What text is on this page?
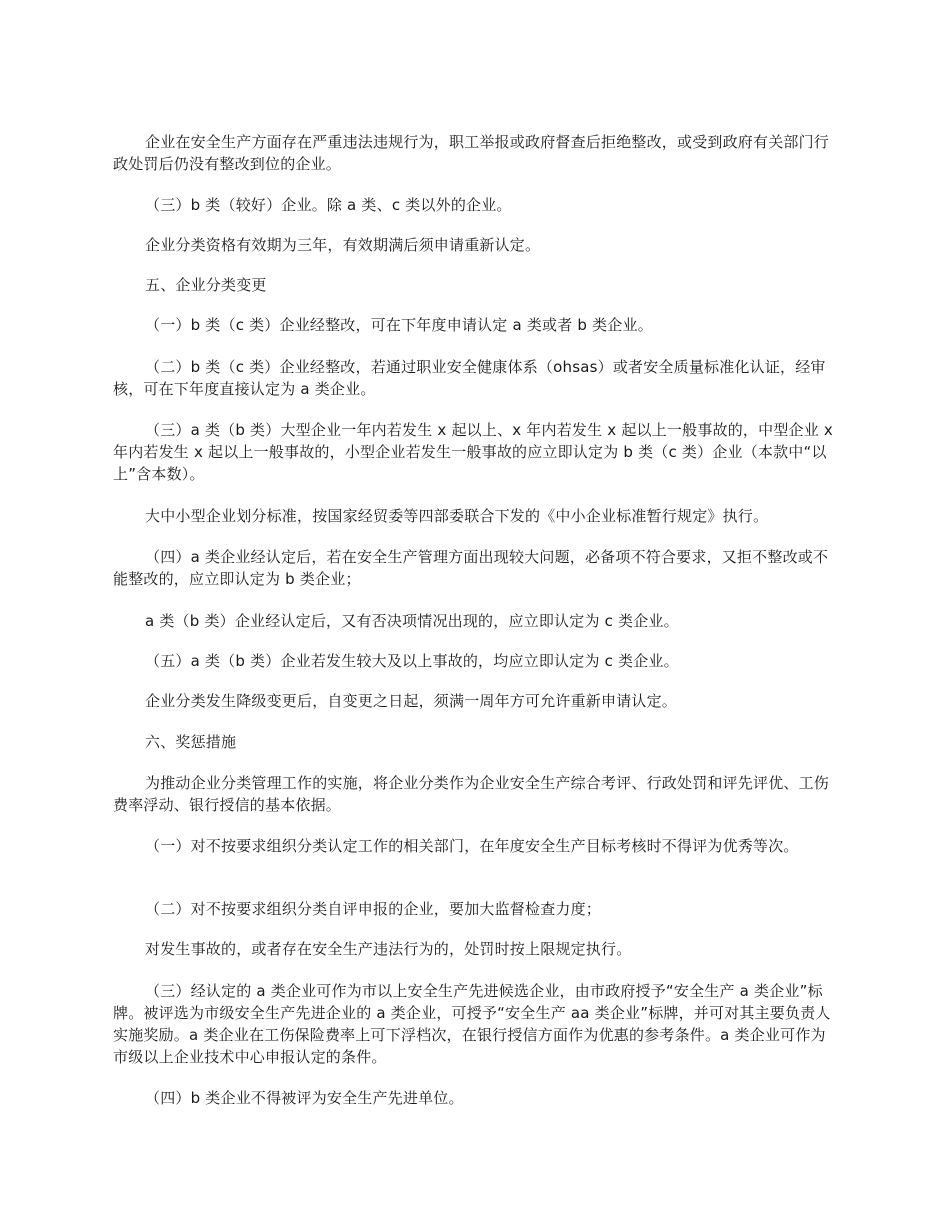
企业在安全生产方面存在严重违法违规行为，职工举报或政府督查后拒绝整改，或受到政府有关部门行政处罚后仍没有整改到位的企业。

（三）b 类（较好）企业。除 a 类、c 类以外的企业。

企业分类资格有效期为三年，有效期满后须申请重新认定。

五、企业分类变更

（一）b 类（c 类）企业经整改，可在下年度申请认定 a 类或者 b 类企业。

（二）b 类（c 类）企业经整改，若通过职业安全健康体系（ohsas）或者安全质量标准化认证，经审核，可在下年度直接认定为 a 类企业。

（三）a 类（b 类）大型企业一年内若发生 x 起以上、x 年内若发生 x 起以上一般事故的，中型企业 x 年内若发生 x 起以上一般事故的，小型企业若发生一般事故的应立即认定为 b 类（c 类）企业（本款中“以上”含本数）。

大中小型企业划分标准，按国家经贸委等四部委联合下发的《中小企业标准暂行规定》执行。

（四）a 类企业经认定后，若在安全生产管理方面出现较大问题，必备项不符合要求，又拒不整改或不能整改的，应立即认定为 b 类企业；

a 类（b 类）企业经认定后，又有否决项情况出现的，应立即认定为 c 类企业。

（五）a 类（b 类）企业若发生较大及以上事故的，均应立即认定为 c 类企业。

企业分类发生降级变更后，自变更之日起，须满一周年方可允许重新申请认定。

六、奖惩措施

为推动企业分类管理工作的实施，将企业分类作为企业安全生产综合考评、行政处罚和评先评优、工伤费率浮动、银行授信的基本依据。

（一）对不按要求组织分类认定工作的相关部门，在年度安全生产目标考核时不得评为优秀等次。

（二）对不按要求组织分类自评申报的企业，要加大监督检查力度；

对发生事故的，或者存在安全生产违法行为的，处罚时按上限规定执行。

（三）经认定的 a 类企业可作为市以上安全生产先进候选企业，由市政府授予“安全生产 a 类企业”标牌。被评选为市级安全生产先进企业的 a 类企业，可授予“安全生产 aa 类企业”标牌，并可对其主要负责人实施奖励。a 类企业在工伤保险费率上可下浮档次，在银行授信方面作为优惠的参考条件。a 类企业可作为市级以上企业技术中心申报认定的条件。

（四）b 类企业不得被评为安全生产先进单位。
